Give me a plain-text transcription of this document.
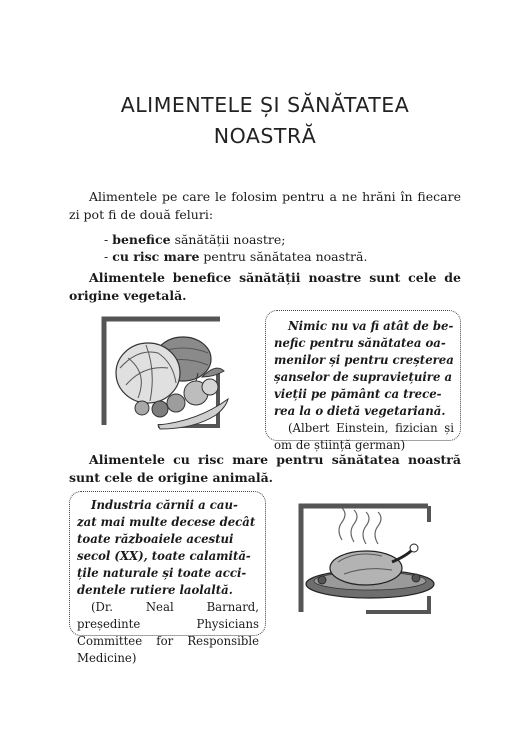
ALIMENTELE ȘI SĂNĂTATEA
NOASTRĂ
Alimentele pe care le folosim pentru a ne hrăni în fiecare zi pot fi de două feluri:
- benefice sănătății noastre;
- cu risc mare pentru sănătatea noastră.
Alimentele benefice sănătății noastre sunt cele de origine vegetală.

Nimic nu va fi atât de be-

nefic pentru sănătatea oa-

menilor și pentru creșterea

șanselor de supraviețuire a

vieții pe pământ ca trece-

rea la o dietă vegetariană.

(Albert Einstein, fizician și om de știință german)

Alimentele cu risc mare pentru sănătatea noastră sunt cele de origine animală.

Industria cărnii a cau-

zat mai multe decese decât

toate războaiele acestui

secol (XX), toate calamită-

țile naturale și toate acci-

dentele rutiere laolaltă.

(Dr. Neal Barnard, președinte Physicians Committee for Responsible Medicine)
